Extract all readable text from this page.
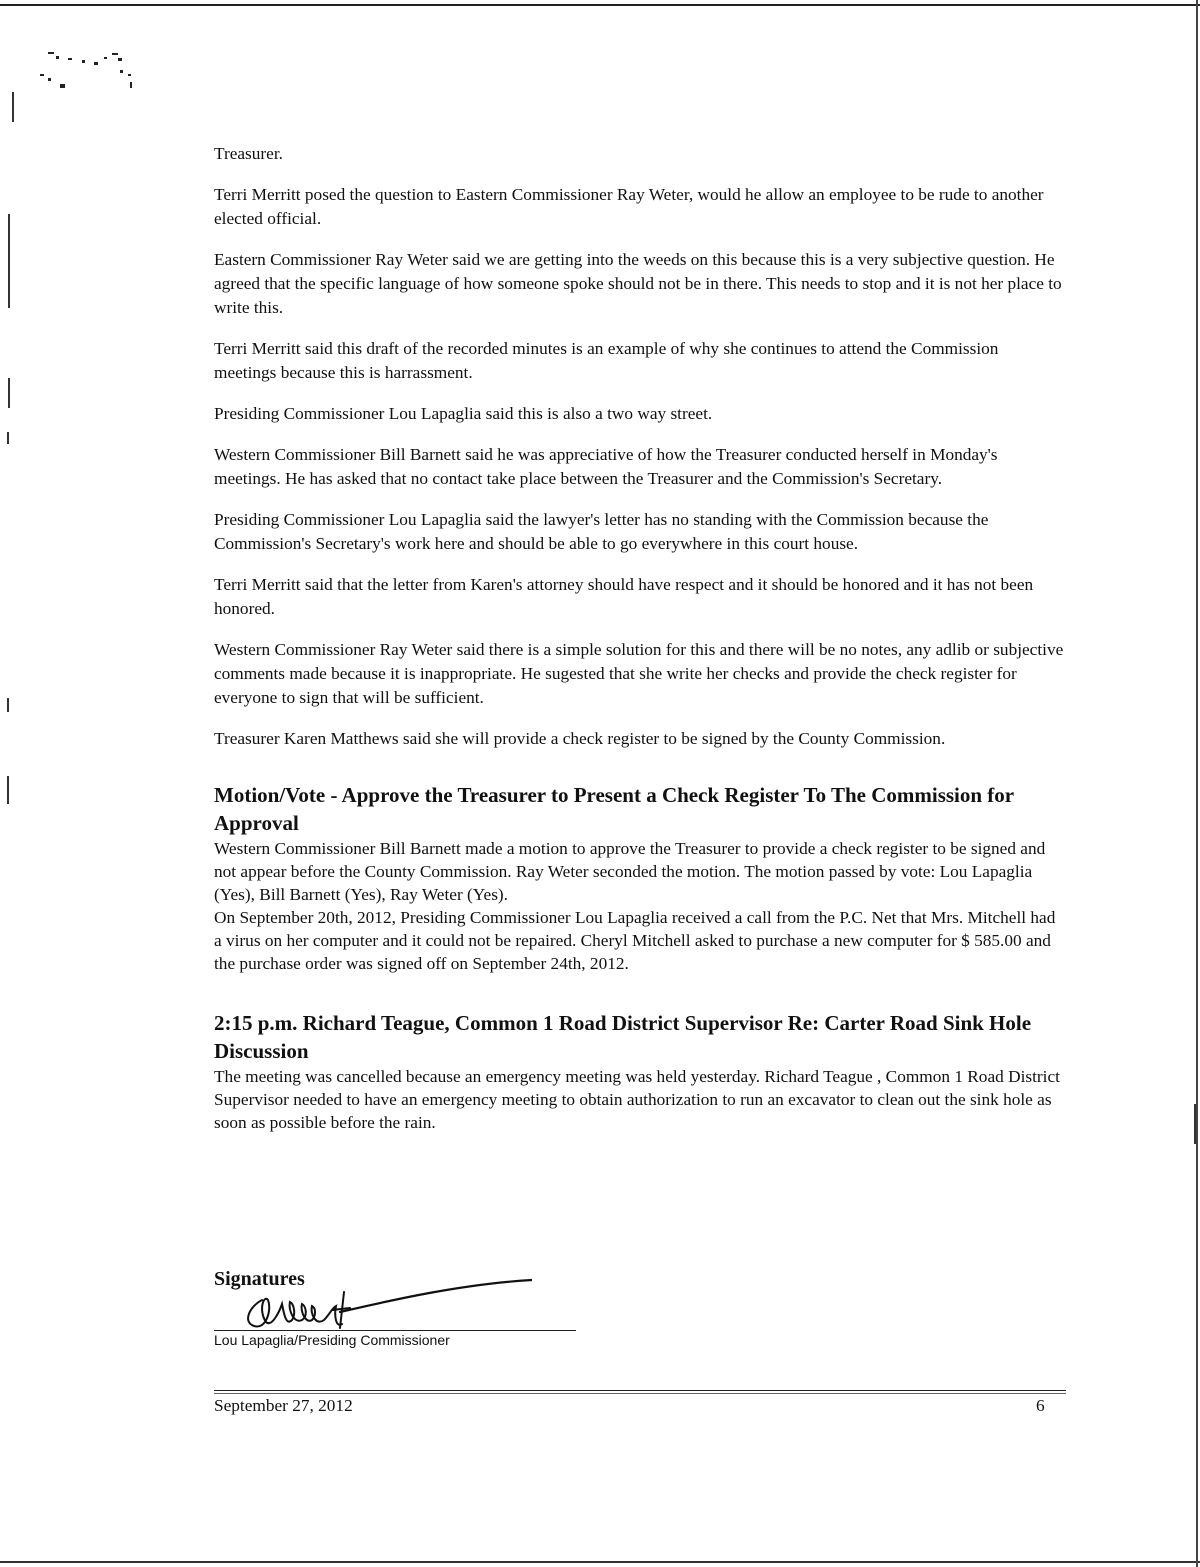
Treasurer.

Terri Merritt posed the question to Eastern Commissioner Ray Weter, would he allow an employee to be rude to another elected official.

Eastern Commissioner Ray Weter said we are getting into the weeds on this because this is a very subjective question. He agreed that the specific language of how someone spoke should not be in there. This needs to stop and it is not her place to write this.

Terri Merritt said this draft of the recorded minutes is an example of why she continues to attend the Commission meetings because this is harrassment.

Presiding Commissioner Lou Lapaglia said this is also a two way street.

Western Commissioner Bill Barnett said he was appreciative of how the Treasurer conducted herself in Monday's meetings. He has asked that no contact take place between the Treasurer and the Commission's Secretary.

Presiding Commissioner Lou Lapaglia said the lawyer's letter has no standing with the Commission because the Commission's Secretary's work here and should be able to go everywhere in this court house.

Terri Merritt said that the letter from Karen's attorney should have respect and it should be honored and it has not been honored.

Western Commissioner Ray Weter said there is a simple solution for this and there will be no notes, any adlib or subjective comments made because it is inappropriate. He sugested that she write her checks and provide the check register for everyone to sign that will be sufficient.

Treasurer Karen Matthews said she will provide a check register to be signed by the County Commission.

Motion/Vote - Approve the Treasurer to Present a Check Register To The Commission for Approval

Western Commissioner Bill Barnett made a motion to approve the Treasurer to provide a check register to be signed and not appear before the County Commission. Ray Weter seconded the motion. The motion passed by vote: Lou Lapaglia (Yes), Bill Barnett (Yes), Ray Weter (Yes).

On September 20th, 2012, Presiding Commissioner Lou Lapaglia received a call from the P.C. Net that Mrs. Mitchell had a virus on her computer and it could not be repaired. Cheryl Mitchell asked to purchase a new computer for $ 585.00 and the purchase order was signed off on September 24th, 2012.

2:15 p.m. Richard Teague, Common 1 Road District Supervisor Re: Carter Road Sink Hole Discussion

The meeting was cancelled because an emergency meeting was held yesterday. Richard Teague , Common 1 Road District Supervisor needed to have an emergency meeting to obtain authorization to run an excavator to clean out the sink hole as soon as possible before the rain.

Signatures
Lou Lapaglia/Presiding Commissioner
September 27, 2012	6
